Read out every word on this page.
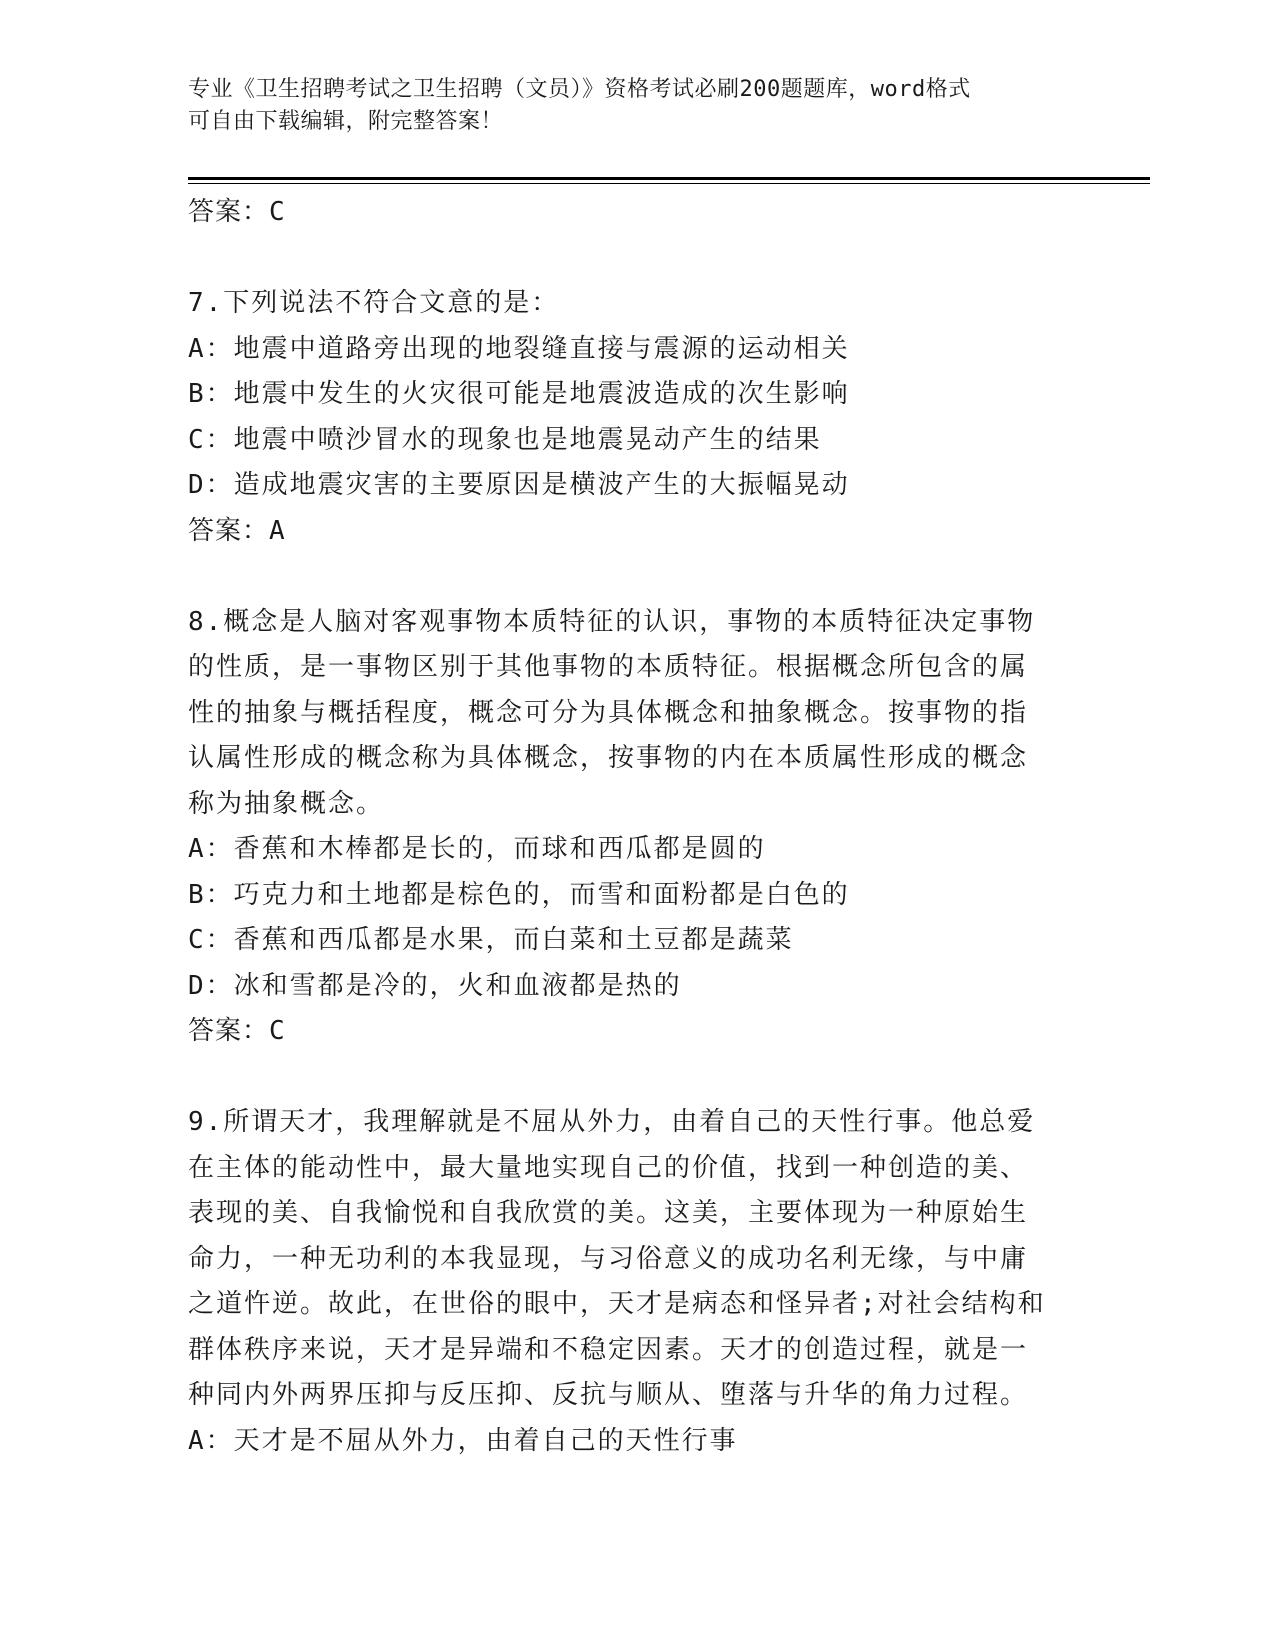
专业《卫生招聘考试之卫生招聘（文员）》资格考试必刷200题题库，word格式
可自由下载编辑，附完整答案！
答案：C
7.下列说法不符合文意的是：
A：地震中道路旁出现的地裂缝直接与震源的运动相关
B：地震中发生的火灾很可能是地震波造成的次生影响
C：地震中喷沙冒水的现象也是地震晃动产生的结果
D：造成地震灾害的主要原因是横波产生的大振幅晃动
答案：A
8.概念是人脑对客观事物本质特征的认识，事物的本质特征决定事物
的性质，是一事物区别于其他事物的本质特征。根据概念所包含的属
性的抽象与概括程度，概念可分为具体概念和抽象概念。按事物的指
认属性形成的概念称为具体概念，按事物的内在本质属性形成的概念
称为抽象概念。
A：香蕉和木棒都是长的，而球和西瓜都是圆的
B：巧克力和土地都是棕色的，而雪和面粉都是白色的
C：香蕉和西瓜都是水果，而白菜和土豆都是蔬菜
D：冰和雪都是冷的，火和血液都是热的
答案：C
9.所谓天才，我理解就是不屈从外力，由着自己的天性行事。他总爱
在主体的能动性中，最大量地实现自己的价值，找到一种创造的美、
表现的美、自我愉悦和自我欣赏的美。这美，主要体现为一种原始生
命力，一种无功利的本我显现，与习俗意义的成功名利无缘，与中庸
之道忤逆。故此，在世俗的眼中，天才是病态和怪异者;对社会结构和
群体秩序来说，天才是异端和不稳定因素。天才的创造过程，就是一
种同内外两界压抑与反压抑、反抗与顺从、堕落与升华的角力过程。
A：天才是不屈从外力，由着自己的天性行事
